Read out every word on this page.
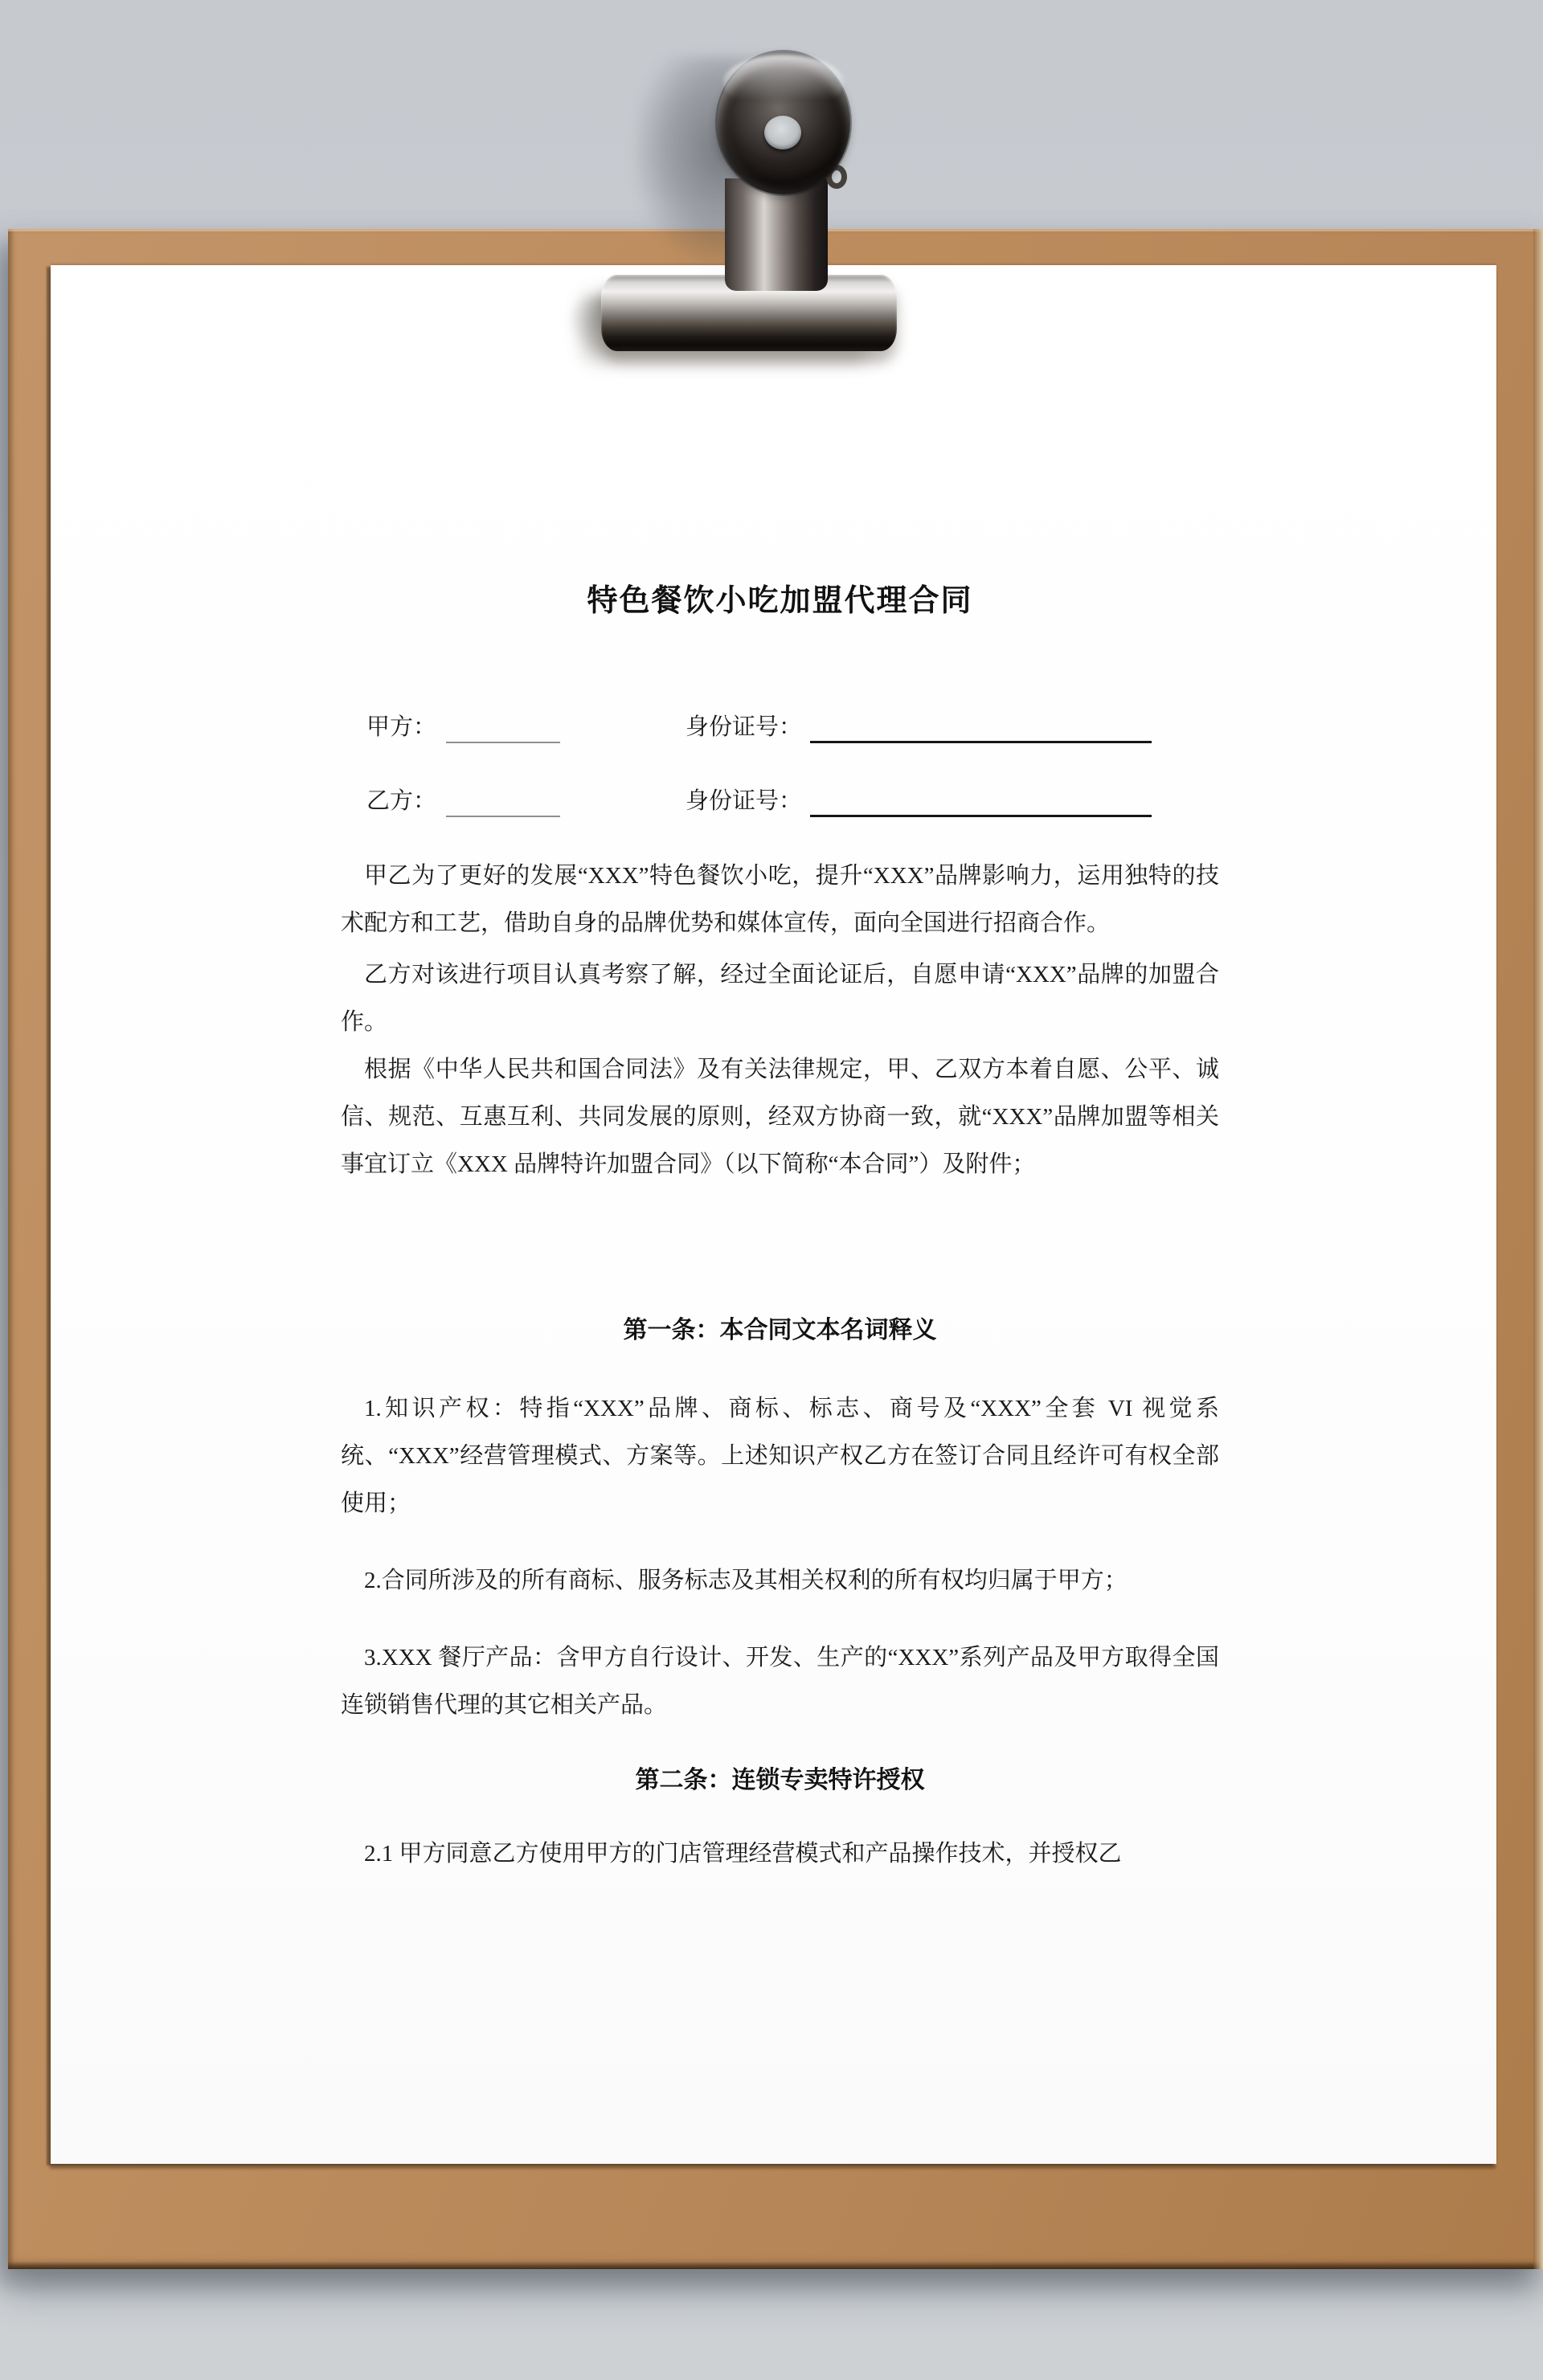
特色餐饮小吃加盟代理合同
甲方：	身份证号：
乙方：	身份证号：

甲乙为了更好的发展“XXX”特色餐饮小吃，提升“XXX”品牌影响力，运用独特的技术配方和工艺，借助自身的品牌优势和媒体宣传，面向全国进行招商合作。

乙方对该进行项目认真考察了解，经过全面论证后，自愿申请“XXX”品牌的加盟合作。

根据《中华人民共和国合同法》及有关法律规定，甲、乙双方本着自愿、公平、诚信、规范、互惠互利、共同发展的原则，经双方协商一致，就“XXX”品牌加盟等相关事宜订立《XXX 品牌特许加盟合同》（以下简称“本合同”）及附件；

第一条：本合同文本名词释义

1.知识产权：特指“XXX”品牌、商标、标志、商号及“XXX”全套 VI 视觉系统、“XXX”经营管理模式、方案等。上述知识产权乙方在签订合同且经许可有权全部使用；

2.合同所涉及的所有商标、服务标志及其相关权利的所有权均归属于甲方；

3.XXX 餐厅产品：含甲方自行设计、开发、生产的“XXX”系列产品及甲方取得全国连锁销售代理的其它相关产品。

第二条：连锁专卖特许授权

2.1 甲方同意乙方使用甲方的门店管理经营模式和产品操作技术，并授权乙
